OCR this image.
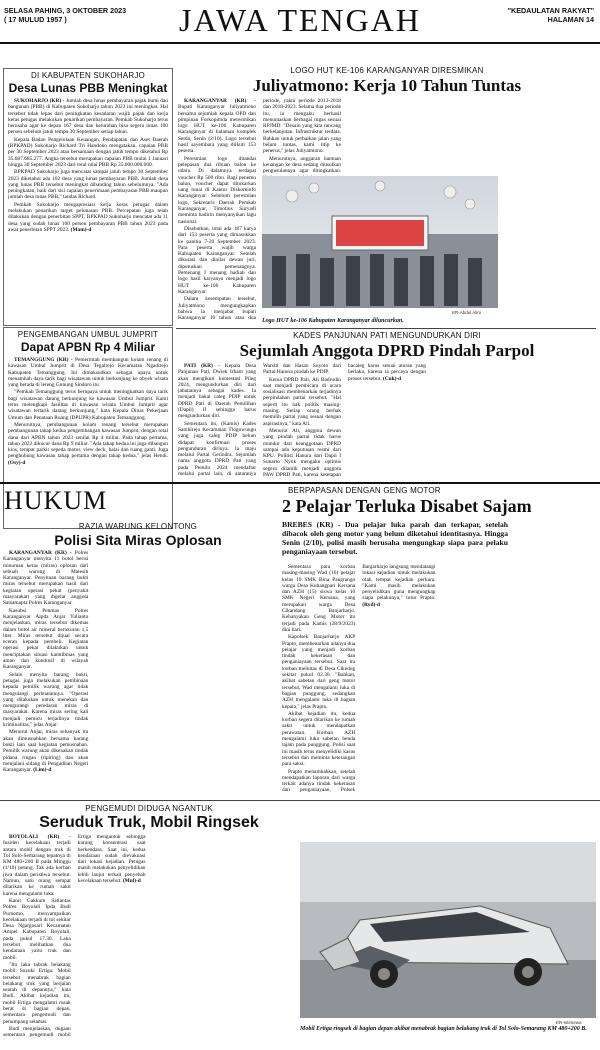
SELASA PAHING, 3 OKTOBER 2023
( 17 MULUD 1957 )	JAWA TENGAH	"KEDAULATAN RAKYAT"
HALAMAN 14
DI KABUPATEN SUKOHARJO
Desa Lunas PBB Meningkat

SUKOHARJO (KR) - Jumlah desa lunas pembayaran pajak bumi dan bangunan (PBB) di Kabupaten Sukoharjo tahun 2023 ini meningkat. Hal tersebut tidak lepas dari peningkatan kesadaran wajib pajak dan kerja keras petugas melakukan penarikan pembayaran. Pemkab Sukoharjo terus berusaha agar ke depan 167 desa dan kelurahan bisa segera lunas 100 persen sebelum jatuh tempo 30 September setiap tahun.

Kepala Badan Pengelolaan Keuangan, Pendapatan dan Aset Daerah (BPKPAD) Sukoharjo Richard Tri Handoko mengatakan, capaian PBB per 30 September 2023 atau bersamaan dengan jatuh tempo diketahui Rp 35.687.685.277. Angka tersebut merupakan capaian PBB mulai 1 Januari hingga 30 September 2023 dari total nilai PBB Rp 35.000.000.000.

BPKPAD Sukoharjo juga mencatat sampai jatuh tempo 30 September 2023 diketahui ada 102 desa yang lunas pembayaran PBB. Jumlah desa yang lunas PBB tersebut meningkat dibanding tahun sebelumnya. "Ada peningkatan, baik dari sisi capaian penerimaan pembayaran PBB maupun jumlah desa lunas PBB," tandas Richard.

Pemkab Sukoharjo mengapresiasi kerja keras petugas dalam melakukan penarikan target pelunasan PBB. Percepatan juga telah dilakukan dengan penerbitan SPPT. BPKPAD Sukoharjo mencatat ada 11 desa yang sudah lunas 100 persen pembayaran PBB tahun 2023 pada awal penerbitan SPPT 2023. (Mam)-d

PENGEMBANGAN UMBUL JUMPRIT
Dapat APBN Rp 4 Miliar

TEMANGGUNG (KR) - Pemerintah membangun kolam renang di kawasan Umbul Jumprit di Desa Tegalrejo Kecamatan Ngadirejo Kabupaten Temanggung. Ini dimaksudkan sebagai upaya untuk menambah daya tarik bagi wisatawan untuk berkunjung ke obyek wisata yang berada di lereng Gunung Sindoro itu.

"Pemkab Temanggung terus berupaya untuk meningkatkan daya tarik bagi wisatawan datang berkunjung ke kawasan Umbul Jumprit. Kami terus melengkapi fasilitas di kawasan wisata Umbul Jumprit agar wisatawan tertarik datang berkunjung," kata Kepala Dinas Pekerjaan Umum dan Penataan Ruang (DPUPR) Kabupaten Temanggung.

Menurutnya, pembangunan kolam renang tersebut merupakan pembangunan tahap kedua pengembangan kawasan Jumprit, dengan total dana dari APBN tahun 2023 senilai Rp 4 miliar. Pada tahap pertama, tahun 2022 dikucur dana Rp 9 miliar. "Ada tahap kedua ini juga dibangun kios, tempat parkir sepeda motor, view deck, balai dan ruang ganti. Juga penghubung kawasan tahap pertama dengan tahap kedua," jelas Hendi. (Osy)-d

LOGO HUT KE-106 KARANGANYAR DIRESMIKAN
Juliyatmono: Kerja 10 Tahun Tuntas

KARANGANYAR (KR) - Bupati Karanganyar Juliyatmono bersama sejumlah kepala OPD dan pimpinan Forkopimda meresmikan logo HUT ke-106 Kabupaten Karanganyar di halaman komplek Setda, Senin (2/10). Logo tersebut hasil sayembara yang diikuti 153 peserta.

Peresmian logo ditandai pelepasan dua ribuan balon ke udara. Di dalamnya terdapat voucher Rp 500 ribu. Bagi penemu balon, voucher dapat ditukarkan uang tunai di Kantor Diskominfo Karanganyar. Sebelum peresmian logo, Sekretaris Daerah Pemkab Karanganyar, Timotius Suryadi meminta hadirin menyanyikan lagu nasional.

Disebutkan, total ada 187 karya dari 153 peserta yang dimasukkan ke panitia 7-20 September 2023. Para peserta wajib warga Kabupaten Karanganyar. Setelah dikurasi dan dinilai dewan juri, diputuskan pemenangnya. Pemenang I menang hadiah dan logo hasil karyanya menjadi logo HUT ke-106 Kabupaten Karanganyar.

Dalam kesempatan tersebut, Juliyatmono mengungkapkan bahwa ia menjabat bupati Karanganyar 10 tahun atau dua periode, yakni periode 2013-2018 dan 2018-2023. Selama dua periode itu, ia mengaku berhasil menuntaskan berbagai tugas sesuai RPJMD. "Desain yang kita rancang berkelanjutan. Infrastruktur terdata. Bahkan untuk perbaikan jalan yang belum tuntas, kami titip ke penerus," jelas Juliyatmono.

Menurutnya, anggaran bantuan keuangan ke desa sedang diusulkan pengusulannya agar ditingkatkan.

KR-Abdul Alim
Logo HUT ke-106 Kabupaten Karanganyar diluncurkan.
KADES PANJUNAN PATI MENGUNDURKAN DIRI
Sejumlah Anggota DPRD Pindah Parpol

PATI (KR) - Kepala Desa Panjunan Pati, Dwiek Irham yang akan mengikuti kontestasi Pileg 2024, mengundurkan diri dari jabatannya sebagai kades. Ia menjadi bakal caleg PDIP untuk DPRD Pati di Daerah Pemilihan (Dapil) II sehingga harus mengundurkan diri.

Sementara itu, (Kamis) Kades Sambirejo Kecamatan Tlogowungu yang juga caleg PDIP belum didapat konfirmasi proses pengunduran dirinya. Ia maju melalui Partai Gerindra. Sejumlah nama anggota DPRD Pati yang pada Pemilu 2024 mendaftar melalui partai lain, di antaranya Warsiti dan Hasan Suyoto dari Partai Hanura pindah ke PDIP.

Ketua DPRD Pati, Ali Badrudin saat menjadi pembicara di acara sosialisasi membenarkan terjadinya perpindahan partai tersebut. "Hal seperti itu hak politik masing-masing. Setiap orang berhak memilih partai yang sesuai dengan aspirasinya," kata Ali.

Menurut Ali, anggota dewan yang pindah partai tidak harus mundur dari keanggotaan DPRD sampai ada keputusan resmi dari KPU. Politisi Hanura dari Dapil I Sunarto Nyok mengaku optimis segera dilantik menjadi anggota PAW DPRD Pati, karena ketetapan bacaleg harus sesuai aturan yang berlaku, karena ia percaya dengan proses tersebut. (Cuk)-d

HUKUM
RAZIA WARUNG KELONTONG
Polisi Sita Miras Oplosan

KARANGANYAR (KR) - Polres Karanganyar menyita 11 botol berisi minuman keras (miras) oplosan dari sebuah warung di Matesih Karanganyar. Penyitaan barang bukti miras tersebut merupakan hasil dari kegiatan operasi pekat (penyakit masyarakat) yang digelar anggota Satsamapta Polres Karanganyar.

Kasubsi Penmas Polres Karanganyar Aipda Anjar Yulianto menjelaskan, miras tersebut dikemas dalam botol air mineral berukuran 1,5 liter. Miras tersebut dijual secara eceran kepada pembeli. Kegiatan operasi pekat dilakukan untuk menciptakan situasi kamtibmas yang aman dan kondusif di wilayah Karanganyar.

Selain menyita barang bukti, petugas juga melakukan pembinaan kepada pemilik warung agar tidak mengulangi perbuatannya. "Operasi yang dilakukan untuk menekan dan mengurangi peredaran miras di masyarakat. Karena miras sering kali menjadi pemicu terjadinya tindak kriminalitas," jelas Anjar.

Menurut Anjar, miras sebanyak itu akan dimusnahkan bersama barang bukti lain saat kegiatan pemusnahan. Pemilik warung akan dikenakan tindak pidana ringan (tipiring) dan akan menjalani sidang di Pengadilan Negeri Karanganyar. (Lim)-d

BERPAPASAN DENGAN GENG MOTOR
2 Pelajar Terluka Disabet Sajam
BREBES (KR) - Dua pelajar luka parah dan terkapar, setelah dibacok oleh geng motor yang belum diketahui identitasnya. Hingga Senin (2/10), polisi masih berusaha mengungkap siapa para pelaku penganiayaan tersebut.

Sementara para korban masing-masing Wad (16) pelajar kelas 10 SMK Bina Pangrango warga Desa Kubangpari Kersana dan AZH (15) siswa kelas 10 SMK Negeri Kersana, yang merupakan warga Desa Cikandang Banjarharjo. Kebanyakan Geng Motor itu terjadi pada Kamis (28/9/2023) dini hari.

Kapolsek Banjarharjo AKP Prapto, membenarkan adanya dua pelajar yang menjadi korban tindak kekerasan dan penganiayaan tersebut. Saat itu korban melintas di Desa Cikedug sekitar pukul 02.30. "Bahkan, akibat sabetan dari geng motor tersebut, Wad mengalami luka di bagian punggung, sedangkan AZH mengalami luka di bagian kepala," jelas Prapto.

Akibat kejadian itu, kedua korban segera dilarikan ke rumah sakit untuk mendapatkan perawatan. Korban AZH mengalami luka sabetan benda tajam pada punggung. Polisi saat ini masih terus menyelidiki kasus tersebut dan meminta keterangan para saksi.

Prapto menambahkan, setelah mendapatkan laporan dari warga terkait adanya tindak kekerasan dan penganiayaan, Polsek Banjarharjo langsung mendatangi lokasi kejadian untuk melakukan olah tempat kejadian perkara. "Kami masih melakukan penyelidikan guna mengungkap siapa pelakunya," tutur Prapto. (Ryd)-d

PENGEMUDI DIDUGA NGANTUK
Seruduk Truk, Mobil Ringsek

BOYOLALI (KR) - Insiden kecelakaan terjadi antara mobil dengan truk di Tol Solo-Semarang tepatnya di KM 480+200 B pada Minggu (1/10) petang. Tak ada korban jiwa dalam peristiwa tersebut. Namun, satu orang sempat dilarikan ke rumah sakit karena mengalami luka.

Kanit Gakkum Satlantas Polres Boyolali Ipda Budi Purnomo, menyampaikan kecelakaan terjadi di tol sekitar Desa Ngargosari Kecamatan Ampel Kabupaten Boyolali, pada pukul 17.30. Laka tersebut melibatkan dua kendaraan yaitu truk dan mobil.

"Itu laka tabrak belakang mobil Suzuki Ertiga. Mobil tersebut menabrak bagian belakang truk yang berjalan searah di depannya," kata Budi. Akibat kejadian itu, mobil Ertiga mengalami rusak berat di bagian depan, sementara pengemudi dan penumpang selamat.

Budi menjelaskan, dugaan sementara pengemudi mobil Ertiga mengantuk sehingga kurang konsentrasi saat berkendara. Saat ini, kedua kendaraan sudah dievakuasi dari lokasi kejadian. Petugas masih melakukan penyelidikan lebih lanjut terkait penyebab kecelakaan tersebut. (Mul)-d

KR-Istimewa
Mobil Ertiga ringsek di bagian depan akibat menabrak bagian belakang truk di Tol Solo-Semarang KM 480+200 B.
